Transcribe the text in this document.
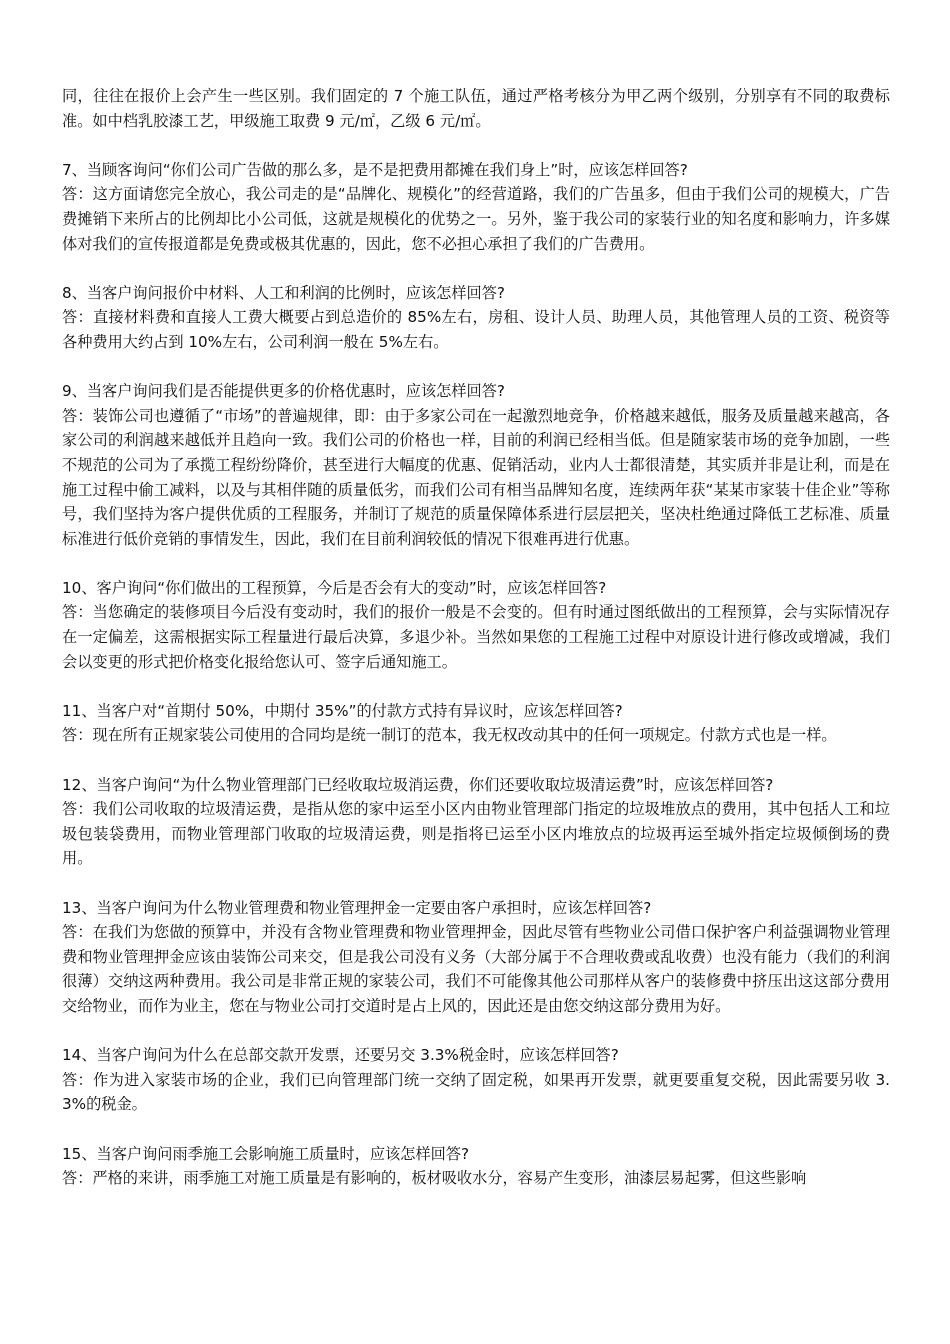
同，往往在报价上会产生一些区别。我们固定的 7 个施工队伍，通过严格考核分为甲乙两个级别，分别享有不同的取费标准。如中档乳胶漆工艺，甲级施工取费 9 元/㎡，乙级 6 元/㎡。

7、当顾客询问“你们公司广告做的那么多，是不是把费用都摊在我们身上”时，应该怎样回答?

答：这方面请您完全放心，我公司走的是“品牌化、规模化”的经营道路，我们的广告虽多，但由于我们公司的规模大，广告费摊销下来所占的比例却比小公司低，这就是规模化的优势之一。另外，鉴于我公司的家装行业的知名度和影响力，许多媒体对我们的宣传报道都是免费或极其优惠的，因此，您不必担心承担了我们的广告费用。

8、当客户询问报价中材料、人工和利润的比例时，应该怎样回答?

答：直接材料费和直接人工费大概要占到总造价的 85%左右，房租、设计人员、助理人员，其他管理人员的工资、税资等各种费用大约占到 10%左右，公司利润一般在 5%左右。

9、当客户询问我们是否能提供更多的价格优惠时，应该怎样回答?

答：装饰公司也遵循了“市场”的普遍规律，即：由于多家公司在一起激烈地竞争，价格越来越低，服务及质量越来越高，各家公司的利润越来越低并且趋向一致。我们公司的价格也一样，目前的利润已经相当低。但是随家装市场的竞争加剧，一些不规范的公司为了承揽工程纷纷降价，甚至进行大幅度的优惠、促销活动，业内人士都很清楚，其实质并非是让利，而是在施工过程中偷工减料，以及与其相伴随的质量低劣，而我们公司有相当品牌知名度，连续两年获“某某市家装十佳企业”等称号，我们坚持为客户提供优质的工程服务，并制订了规范的质量保障体系进行层层把关，坚决杜绝通过降低工艺标准、质量标准进行低价竞销的事情发生，因此，我们在目前利润较低的情况下很难再进行优惠。

10、客户询问“你们做出的工程预算，今后是否会有大的变动”时，应该怎样回答?

答：当您确定的装修项目今后没有变动时，我们的报价一般是不会变的。但有时通过图纸做出的工程预算，会与实际情况存在一定偏差，这需根据实际工程量进行最后决算，多退少补。当然如果您的工程施工过程中对原设计进行修改或增减，我们会以变更的形式把价格变化报给您认可、签字后通知施工。

11、当客户对“首期付 50%，中期付 35%”的付款方式持有异议时，应该怎样回答?

答：现在所有正规家装公司使用的合同均是统一制订的范本，我无权改动其中的任何一项规定。付款方式也是一样。

12、当客户询问“为什么物业管理部门已经收取垃圾消运费，你们还要收取垃圾清运费”时，应该怎样回答?

答：我们公司收取的垃圾清运费，是指从您的家中运至小区内由物业管理部门指定的垃圾堆放点的费用，其中包括人工和垃圾包装袋费用，而物业管理部门收取的垃圾清运费，则是指将已运至小区内堆放点的垃圾再运至城外指定垃圾倾倒场的费用。

13、当客户询问为什么物业管理费和物业管理押金一定要由客户承担时，应该怎样回答?

答：在我们为您做的预算中，并没有含物业管理费和物业管理押金，因此尽管有些物业公司借口保护客户利益强调物业管理费和物业管理押金应该由装饰公司来交，但是我公司没有义务（大部分属于不合理收费或乱收费）也没有能力（我们的利润很薄）交纳这两种费用。我公司是非常正规的家装公司，我们不可能像其他公司那样从客户的装修费中挤压出这这部分费用交给物业，而作为业主，您在与物业公司打交道时是占上风的，因此还是由您交纳这部分费用为好。

14、当客户询问为什么在总部交款开发票，还要另交 3.3%税金时，应该怎样回答?

答：作为进入家装市场的企业，我们已向管理部门统一交纳了固定税，如果再开发票，就更要重复交税，因此需要另收 3.3%的税金。

15、当客户询问雨季施工会影响施工质量时，应该怎样回答?

答：严格的来讲，雨季施工对施工质量是有影响的，板材吸收水分，容易产生变形，油漆层易起雾，但这些影响
